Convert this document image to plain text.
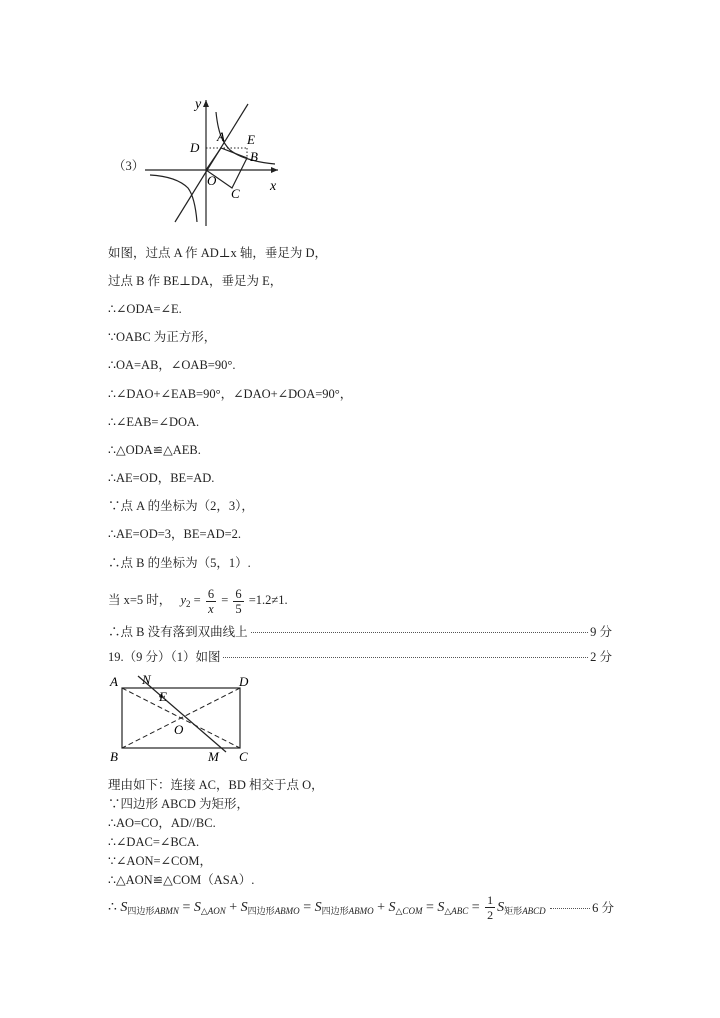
（3）
y
x
D
A E
B
O
C
如图，过点 A 作 AD⊥x 轴，垂足为 D，
过点 B 作 BE⊥DA，垂足为 E，
∴∠ODA=∠E.
∵OABC 为正方形，
∴OA=AB，∠OAB=90°.
∴∠DAO+∠EAB=90°，∠DAO+∠DOA=90°，
∴∠EAB=∠DOA.
∴△ODA≌△AEB.
∴AE=OD，BE=AD.
∵点 A 的坐标为（2，3），
∴AE=OD=3，BE=AD=2.
∴点 B 的坐标为（5，1）.
当 x=5 时， $y_2 = \frac{6}{x} = \frac{6}{5} =1.2\ne 1$.
∴点 B 没有落到双曲线上	9 分
19.（9 分）（1）如图	2 分
A N	D
E
O
B	M C
理由如下：连接 AC，BD 相交于点 O，
∵四边形 ABCD 为矩形，
∴AO=CO，AD//BC.
∴∠DAC=∠BCA.
∵∠AON=∠COM，
∴△AON≌△COM（ASA）.
∴ $S_{四边形ABMN} = S_{\triangle AON} + S_{四边形ABMO} = S_{四边形ABMO} + S_{\triangle COM} = S_{\triangle ABC} = \frac{1}{2} S_{矩形ABCD}$	6 分
